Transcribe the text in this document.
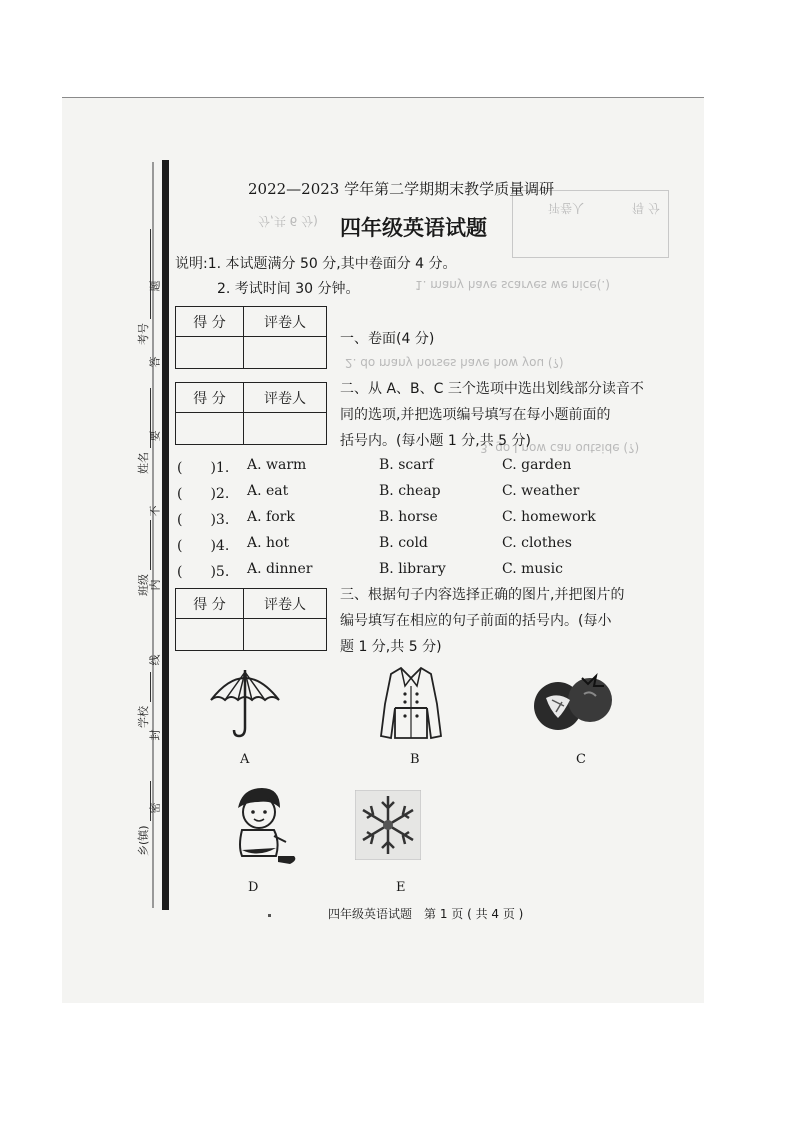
1. many have scarves we nice(.)
2. do many horses have how you (?)
3. go I now can outside (?)
分,共 6 分)
得 分
评卷人
考号
姓名
班级
学校
乡(镇)
题
答
要
不
内
线
封
密
2022—2023 学年第二学期期末教学质量调研
四年级英语试题
说明:1. 本试题满分 50 分,其中卷面分 4 分。
2. 考试时间 30 分钟。
得 分	评卷人

一、卷面(4 分)
得 分	评卷人

二、从 A、B、C 三个选项中选出划线部分读音不
同的选项,并把选项编号填写在每小题前面的
括号内。(每小题 1 分,共 5 分)
(　　)1. A. warm	B. scarf	C. garden
(　　)2. A. eat	B. cheap	C. weather
(　　)3. A. fork	B. horse	C. homework
(　　)4. A. hot	B. cold	C. clothes
(　　)5. A. dinner	B. library	C. music
得 分	评卷人

三、根据句子内容选择正确的图片,并把图片的
编号填写在相应的句子前面的括号内。(每小
题 1 分,共 5 分)
A	B	C
D	E
四年级英语试题　第 1 页 ( 共 4 页 )
